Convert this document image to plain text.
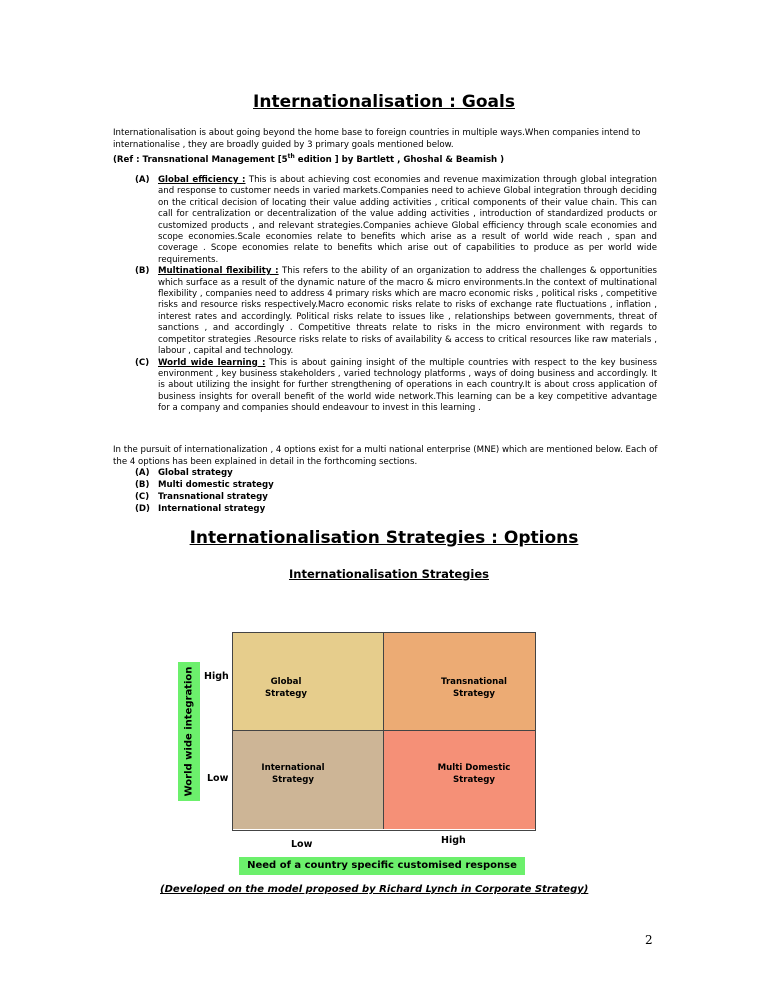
Internationalisation : Goals
Internationalisation is about going beyond the home base to foreign countries in multiple ways.When companies intend to internationalise , they are broadly guided by 3 primary goals mentioned below.
(Ref : Transnational Management [5th edition ] by Bartlett , Ghoshal & Beamish )
(A) Global efficiency : This is about achieving cost economies and revenue maximization through global integration and response to customer needs in varied markets.Companies need to achieve Global integration through deciding on the critical decision of locating their value adding activities , critical components of their value chain. This can call for centralization or decentralization of the value adding activities , introduction of standardized products or customized products , and relevant strategies.Companies achieve Global efficiency through scale economies and scope economies.Scale economies relate to benefits which arise as a result of world wide reach , span and coverage . Scope economies relate to benefits which arise out of capabilities to produce as per world wide requirements.
(B) Multinational flexibility : This refers to the ability of an organization to address the challenges & opportunities which surface as a result of the dynamic nature of the macro & micro environments.In the context of multinational flexibility , companies need to address 4 primary risks which are macro economic risks , political risks , competitive risks and resource risks respectively.Macro economic risks relate to risks of exchange rate fluctuations , inflation , interest rates and accordingly. Political risks relate to issues like , relationships between governments, threat of sanctions , and accordingly . Competitive threats relate to risks in the micro environment with regards to competitor strategies .Resource risks relate to risks of availability & access to critical resources like raw materials , labour , capital and technology.
(C) World wide learning : This is about gaining insight of the multiple countries with respect to the key business environment , key business stakeholders , varied technology platforms , ways of doing business and accordingly. It is about utilizing the insight for further strengthening of operations in each country.It is about cross application of business insights for overall benefit of the world wide network.This learning can be a key competitive advantage for a company and companies should endeavour to invest in this learning .
In the pursuit of internationalization , 4 options exist for a multi national enterprise (MNE) which are mentioned below. Each of the 4 options has been explained in detail in the forthcoming sections.
(A) Global strategy
(B) Multi domestic strategy
(C) Transnational strategy
(D) International strategy
Internationalisation Strategies : Options
Internationalisation Strategies
World wide integration High
Low
Global
Strategy
Transnational
Strategy
International
Strategy
Multi Domestic
Strategy
Low	High
Need of a country specific customised response
(Developed on the model proposed by Richard Lynch in Corporate Strategy)
2
